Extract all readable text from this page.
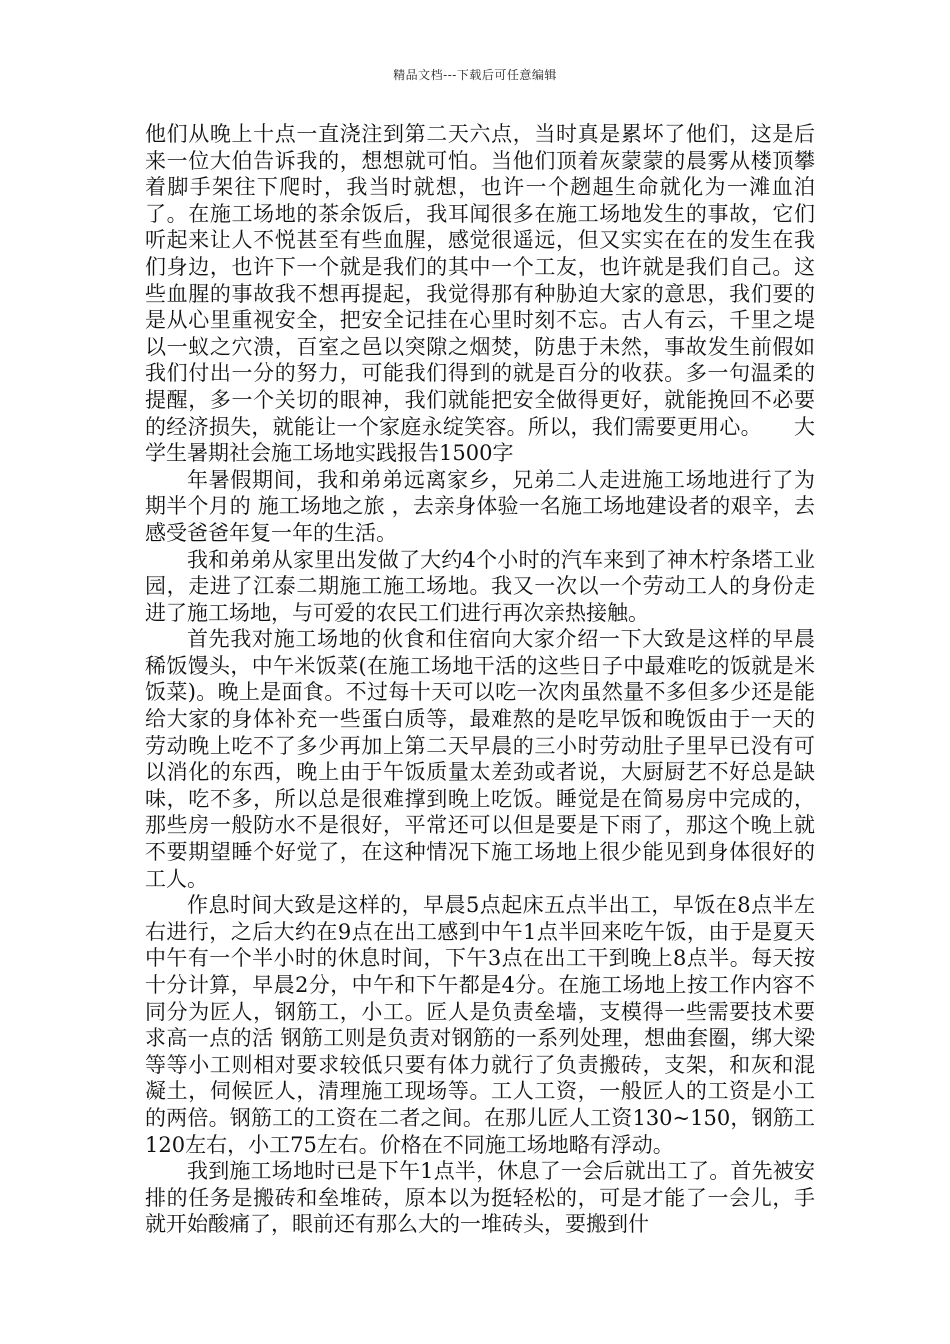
精品文档---下载后可任意编辑

他们从晚上十点一直浇注到第二天六点，当时真是累坏了他们，这是后来一位大伯告诉我的，想想就可怕。当他们顶着灰蒙蒙的晨雾从楼顶攀着脚手架往下爬时，我当时就想，也许一个趔趄生命就化为一滩血泊了。在施工场地的茶余饭后，我耳闻很多在施工场地发生的事故，它们听起来让人不悦甚至有些血腥，感觉很遥远，但又实实在在的发生在我们身边，也许下一个就是我们的其中一个工友，也许就是我们自己。这些血腥的事故我不想再提起，我觉得那有种胁迫大家的意思，我们要的是从心里重视安全，把安全记挂在心里时刻不忘。古人有云，千里之堤以一蚁之穴溃，百室之邑以突隙之烟焚，防患于未然，事故发生前假如我们付出一分的努力，可能我们得到的就是百分的收获。多一句温柔的提醒，多一个关切的眼神，我们就能把安全做得更好，就能挽回不必要的经济损失，就能让一个家庭永绽笑容。所以，我们需要更用心。　　大学生暑期社会施工场地实践报告1500字

年暑假期间，我和弟弟远离家乡，兄弟二人走进施工场地进行了为期半个月的 施工场地之旅 ，去亲身体验一名施工场地建设者的艰辛，去感受爸爸年复一年的生活。

我和弟弟从家里出发做了大约4个小时的汽车来到了神木柠条塔工业园，走进了江泰二期施工施工场地。我又一次以一个劳动工人的身份走进了施工场地，与可爱的农民工们进行再次亲热接触。

首先我对施工场地的伙食和住宿向大家介绍一下大致是这样的早晨稀饭馒头，中午米饭菜(在施工场地干活的这些日子中最难吃的饭就是米饭菜)。晚上是面食。不过每十天可以吃一次肉虽然量不多但多少还是能给大家的身体补充一些蛋白质等，最难熬的是吃早饭和晚饭由于一天的劳动晚上吃不了多少再加上第二天早晨的三小时劳动肚子里早已没有可以消化的东西，晚上由于午饭质量太差劲或者说，大厨厨艺不好总是缺味，吃不多，所以总是很难撑到晚上吃饭。睡觉是在简易房中完成的，那些房一般防水不是很好，平常还可以但是要是下雨了，那这个晚上就不要期望睡个好觉了，在这种情况下施工场地上很少能见到身体很好的工人。

作息时间大致是这样的，早晨5点起床五点半出工，早饭在8点半左右进行，之后大约在9点在出工感到中午1点半回来吃午饭，由于是夏天中午有一个半小时的休息时间，下午3点在出工干到晚上8点半。每天按十分计算，早晨2分，中午和下午都是4分。在施工场地上按工作内容不同分为匠人，钢筋工，小工。匠人是负责垒墙，支模得一些需要技术要求高一点的活 钢筋工则是负责对钢筋的一系列处理，想曲套圈，绑大梁等等小工则相对要求较低只要有体力就行了负责搬砖，支架，和灰和混凝土，伺候匠人，清理施工现场等。工人工资，一般匠人的工资是小工的两倍。钢筋工的工资在二者之间。在那儿匠人工资130~150，钢筋工120左右，小工75左右。价格在不同施工场地略有浮动。

我到施工场地时已是下午1点半，休息了一会后就出工了。首先被安排的任务是搬砖和垒堆砖，原本以为挺轻松的，可是才能了一会儿，手就开始酸痛了，眼前还有那么大的一堆砖头，要搬到什
